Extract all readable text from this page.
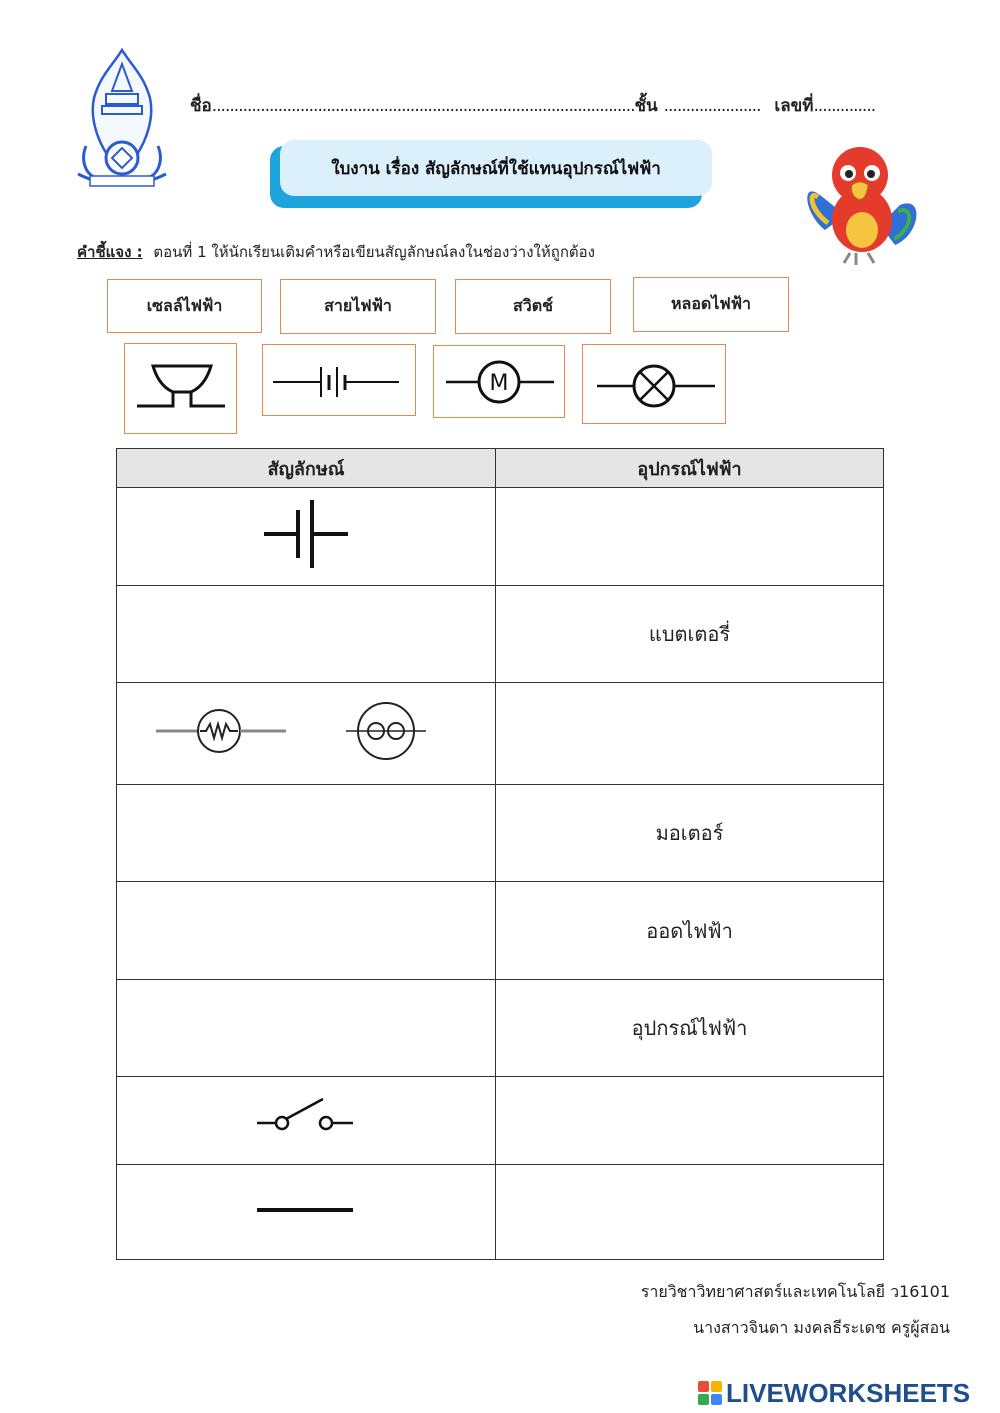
ชื่อ................................................................................................ชั้น ...................... เลขที่..............
ใบงาน เรื่อง สัญลักษณ์ที่ใช้แทนอุปกรณ์ไฟฟ้า
คำชี้แจง : ตอนที่ 1 ให้นักเรียนเติมคำหรือเขียนสัญลักษณ์ลงในช่องว่างให้ถูกต้อง
เซลล์ไฟฟ้า	สายไฟฟ้า	สวิตช์	หลอดไฟฟ้า
M
สัญลักษณ์	อุปกรณ์ไฟฟ้า

	แบตเตอรี่

	มอเตอร์
	ออดไฟฟ้า
	อุปกรณ์ไฟฟ้า

รายวิชาวิทยาศาสตร์และเทคโนโลยี ว16101
นางสาวจินดา มงคลธีระเดช ครูผู้สอน
LIVEWORKSHEETS
